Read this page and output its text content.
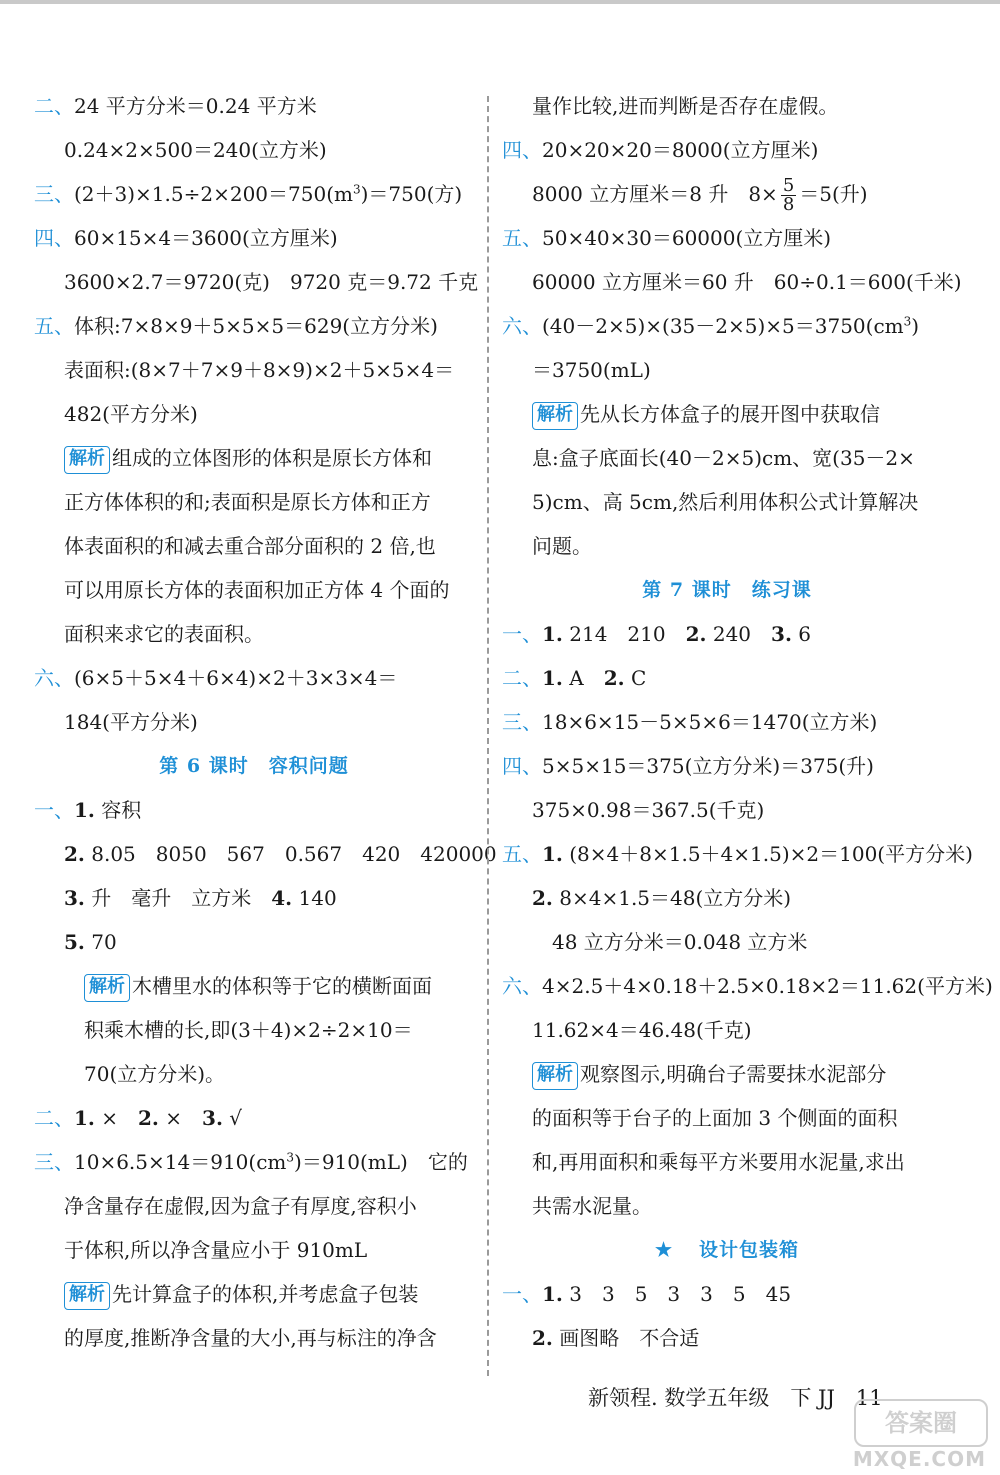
二、24 平方分米＝0.24 平方米
0.24×2×500＝240(立方米)
三、$(2+3)\times 1.5\div 2\times 200=750(m^3)=750$(方)
四、60×15×4＝3600(立方厘米)
3600×2.7＝9720(克)　9720 克＝9.72 千克
五、体积:7×8×9＋5×5×5＝629(立方分米)
表面积:(8×7＋7×9＋8×9)×2＋5×5×4＝
482(平方分米)
解析 组成的立体图形的体积是原长方体和
正方体体积的和;表面积是原长方体和正方
体表面积的和减去重合部分面积的 2 倍,也
可以用原长方体的表面积加正方体 4 个面的
面积来求它的表面积。
六、(6×5＋5×4＋6×4)×2＋3×3×4＝
184(平方分米)
第 6 课时　容积问题
一、1. 容积
2. 8.05　8050　567　0.567　420　420000
3. 升　毫升　立方米　4. 140
5. 70
解析 木槽里水的体积等于它的横断面面
积乘木槽的长,即(3＋4)×2÷2×10＝
70(立方分米)。
二、1. ×　2. ×　3. √
三、$10\times 6.5\times 14=910(cm^3)=910(mL)$　它的
净含量存在虚假,因为盒子有厚度,容积小
于体积,所以净含量应小于 910mL
解析 先计算盒子的体积,并考虑盒子包装
的厚度,推断净含量的大小,再与标注的净含
量作比较,进而判断是否存在虚假。
四、20×20×20＝8000(立方厘米)
8000 立方厘米＝8 升　$8\times \frac{5}{8} =5$(升)
五、50×40×30＝60000(立方厘米)
60000 立方厘米＝60 升　60÷0.1＝600(千米)
六、$(40-2\times 5)\times(35-2\times 5)\times 5=3750(cm^3)$
＝3750(mL)
解析 先从长方体盒子的展开图中获取信
息:盒子底面长(40－2×5)cm、宽(35－2×
5)cm、高 5cm,然后利用体积公式计算解决
问题。
第 7 课时　练习课
一、1. 214　210　2. 240　3. 6
二、1. A　2. C
三、18×6×15－5×5×6＝1470(立方米)
四、5×5×15＝375(立方分米)＝375(升)
375×0.98＝367.5(千克)
五、1. (8×4＋8×1.5＋4×1.5)×2＝100(平方分米)
2. 8×4×1.5＝48(立方分米)
48 立方分米＝0.048 立方米
六、4×2.5＋4×0.18＋2.5×0.18×2＝11.62(平方米)
11.62×4＝46.48(千克)
解析 观察图示,明确台子需要抹水泥部分
的面积等于台子的上面加 3 个侧面的面积
和,再用面积和乘每平方米要用水泥量,求出
共需水泥量。
★ 设计包装箱
一、1. 3　3　5　3　3　5　45
2. 画图略　不合适
新领程. 数学五年级　下 JJ　11
答案圈
MXQE.COM
